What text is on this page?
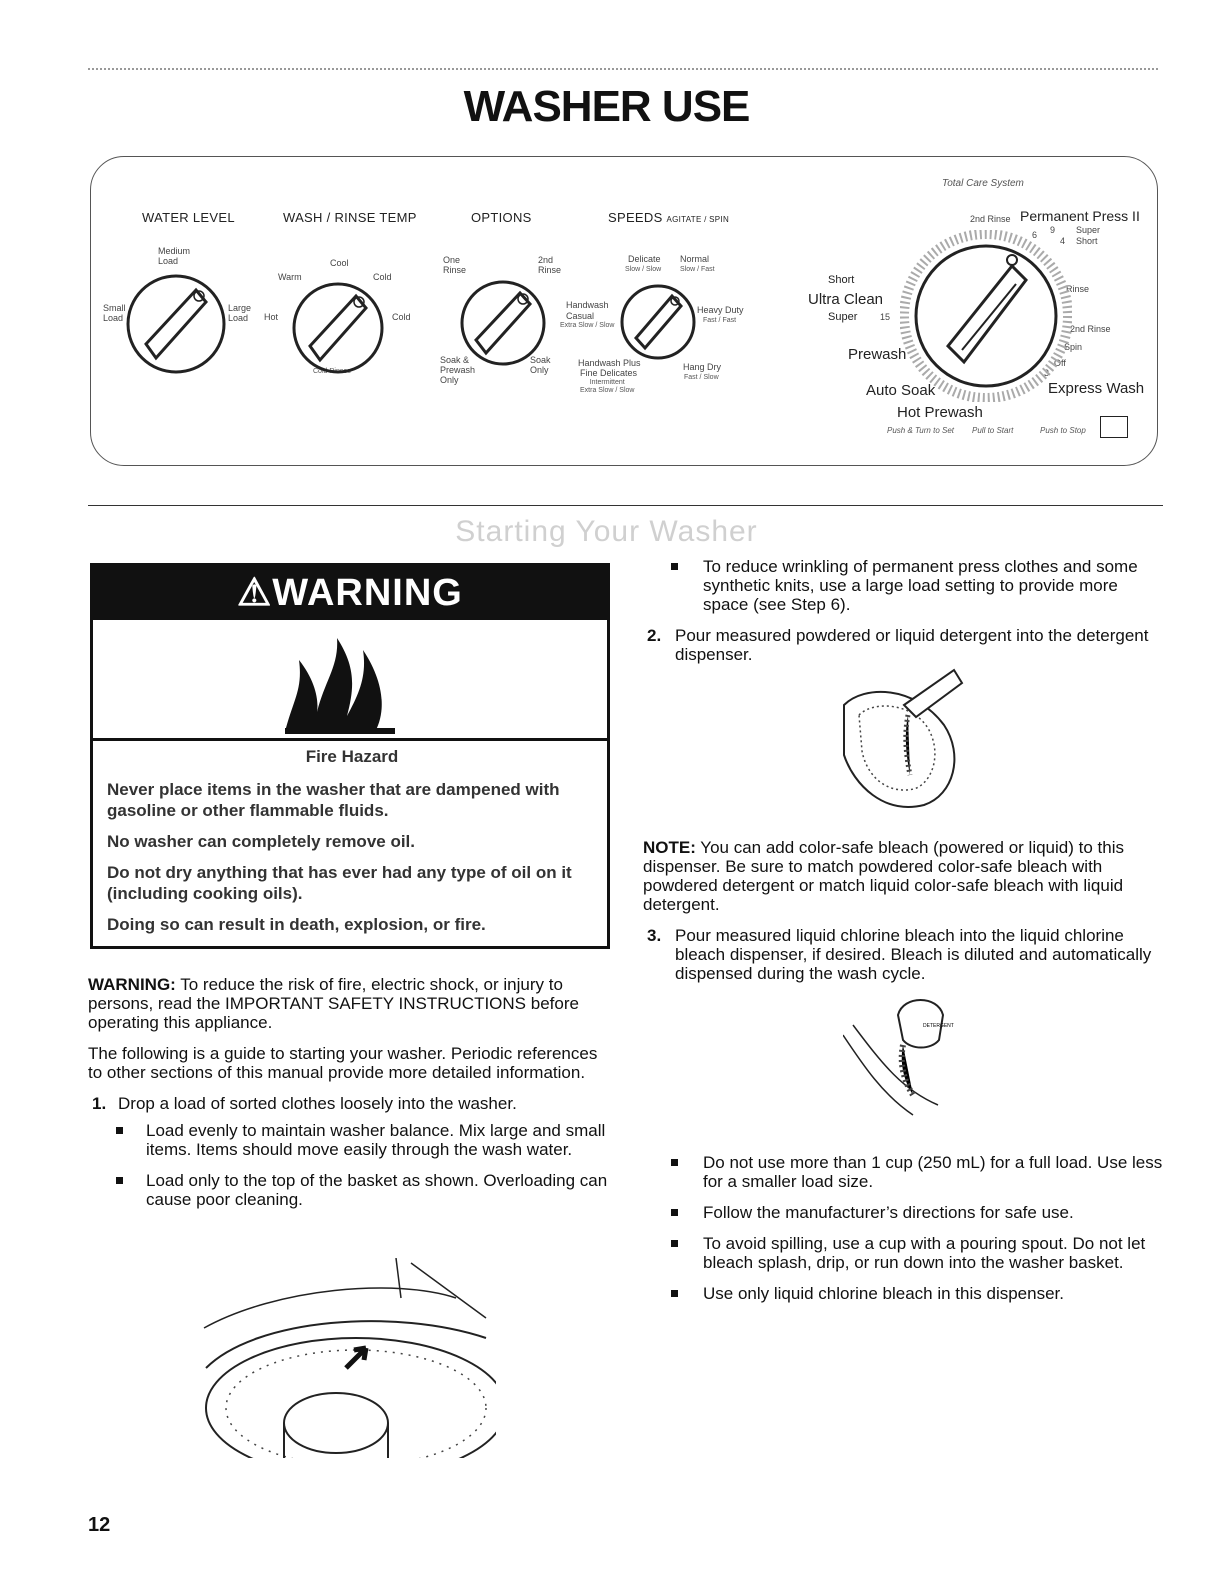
WASHER USE
WATER LEVEL
Medium
Load
Small
Load
Large
Load
WASH / RINSE TEMP
Cool
Warm	Cold
Hot	Cold
Cold Rinses
OPTIONS
One
Rinse
2nd
Rinse
Soak &
Prewash
Only
Soak
Only
SPEEDS AGITATE / SPIN
Delicate
Slow / Slow
Normal
Slow / Fast
Handwash
Casual
Extra Slow / Slow
Heavy Duty
Fast / Fast
Handwash Plus
Fine Delicates
Intermittent
Extra Slow / Slow
Hang Dry
Fast / Slow
Total Care System
2nd Rinse Permanent Press II
Super
Short
9
4
6
Short
Ultra Clean
Super	15
Prewash
Auto Soak
Hot Prewash
Express Wash
2nd Rinse
Spin
Rinse
Off
3
Push & Turn to Set Pull to Start	Push to Stop
Starting Your Washer
⚠WARNING

Fire Hazard

Never place items in the washer that are dampened with gasoline or other flammable fluids.

No washer can completely remove oil.

Do not dry anything that has ever had any type of oil on it (including cooking oils).

Doing so can result in death, explosion, or fire.

WARNING: To reduce the risk of fire, electric shock, or injury to persons, read the IMPORTANT SAFETY INSTRUCTIONS before operating this appliance.

The following is a guide to starting your washer. Periodic references to other sections of this manual provide more detailed information.

1. Drop a load of sorted clothes loosely into the washer.
Load evenly to maintain washer balance. Mix large and small items. Items should move easily through the wash water.
Load only to the top of the basket as shown. Overloading can cause poor cleaning.
To reduce wrinkling of permanent press clothes and some synthetic knits, use a large load setting to provide more space (see Step 6).
2. Pour measured powdered or liquid detergent into the detergent dispenser.

NOTE: You can add color-safe bleach (powered or liquid) to this dispenser. Be sure to match powdered color-safe bleach with powdered detergent or match liquid color-safe bleach with liquid detergent.

3. Pour measured liquid chlorine bleach into the liquid chlorine bleach dispenser, if desired. Bleach is diluted and automatically dispensed during the wash cycle.
DETERGENT
Do not use more than 1 cup (250 mL) for a full load. Use less for a smaller load size.
Follow the manufacturer’s directions for safe use.
To avoid spilling, use a cup with a pouring spout. Do not let bleach splash, drip, or run down into the washer basket.
Use only liquid chlorine bleach in this dispenser.
12
